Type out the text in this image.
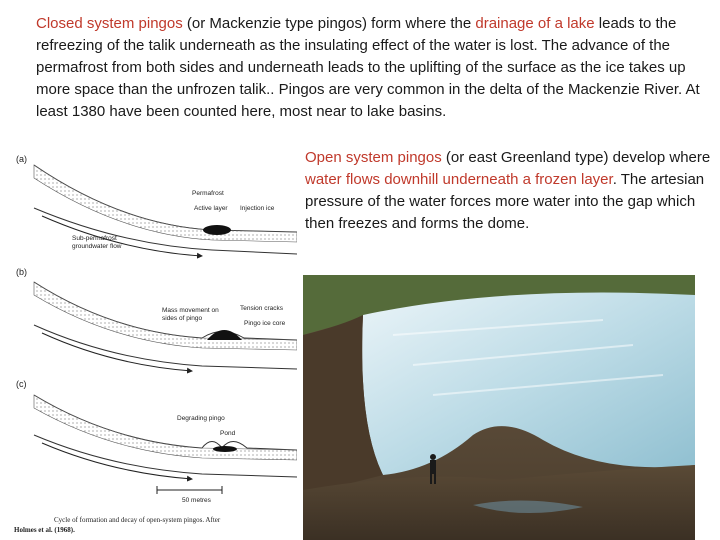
Closed system pingos (or Mackenzie type pingos) form where the drainage of a lake leads to the refreezing of the talik underneath as the insulating effect of the water is lost. The advance of the permafrost from both sides and underneath leads to the uplifting of the surface as the ice takes up more space than the unfrozen talik.. Pingos are very common in the delta of the Mackenzie River. At least 1380 have been counted here, most near to lake basins.
Open system pingos (or east Greenland type) develop where water flows downhill underneath a frozen layer. The artesian pressure of the water forces more water into the gap which then freezes and forms the dome.
(a)
Permafrost
Active layer Injection ice
Sub-permafrost
groundwater flow
(b)
Mass movement on
sides of pingo
Tension cracks
Pingo ice core
(c)
Degrading pingo
Pond
50 metres
Cycle of formation and decay of open-system pingos. After
Holmes et al. (1968).
